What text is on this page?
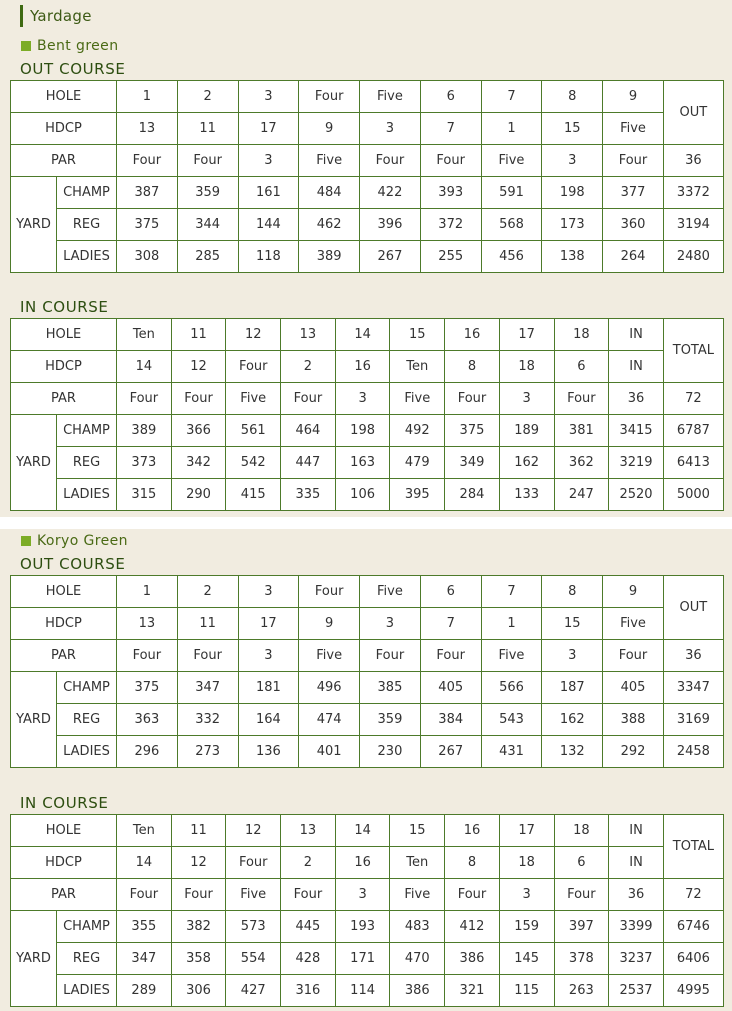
Yardage
Bent green
OUT COURSE
HOLE		1	2	3	Four	Five	6	7	8	9	OUT
HDCP		13	11	17	9	3	7	1	15	Five	
PAR		Four	Four	3	Five	Four	Four	Five	3	Four	36
YARD	CHAMP	387	359	161	484	422	393	591	198	377	3372
	REG	375	344	144	462	396	372	568	173	360	3194
	LADIES	308	285	118	389	267	255	456	138	264	2480
IN COURSE
HOLE		Ten	11	12	13	14	15	16	17	18	IN	TOTAL
HDCP		14	12	Four	2	16	Ten	8	18	6	IN	
PAR		Four	Four	Five	Four	3	Five	Four	3	Four	36	72
YARD	CHAMP	389	366	561	464	198	492	375	189	381	3415	6787
	REG	373	342	542	447	163	479	349	162	362	3219	6413
	LADIES	315	290	415	335	106	395	284	133	247	2520	5000
Koryo Green
OUT COURSE
HOLE		1	2	3	Four	Five	6	7	8	9	OUT
HDCP		13	11	17	9	3	7	1	15	Five	
PAR		Four	Four	3	Five	Four	Four	Five	3	Four	36
YARD	CHAMP	375	347	181	496	385	405	566	187	405	3347
	REG	363	332	164	474	359	384	543	162	388	3169
	LADIES	296	273	136	401	230	267	431	132	292	2458
IN COURSE
HOLE		Ten	11	12	13	14	15	16	17	18	IN	TOTAL
HDCP		14	12	Four	2	16	Ten	8	18	6	IN	
PAR		Four	Four	Five	Four	3	Five	Four	3	Four	36	72
YARD	CHAMP	355	382	573	445	193	483	412	159	397	3399	6746
	REG	347	358	554	428	171	470	386	145	378	3237	6406
	LADIES	289	306	427	316	114	386	321	115	263	2537	4995
